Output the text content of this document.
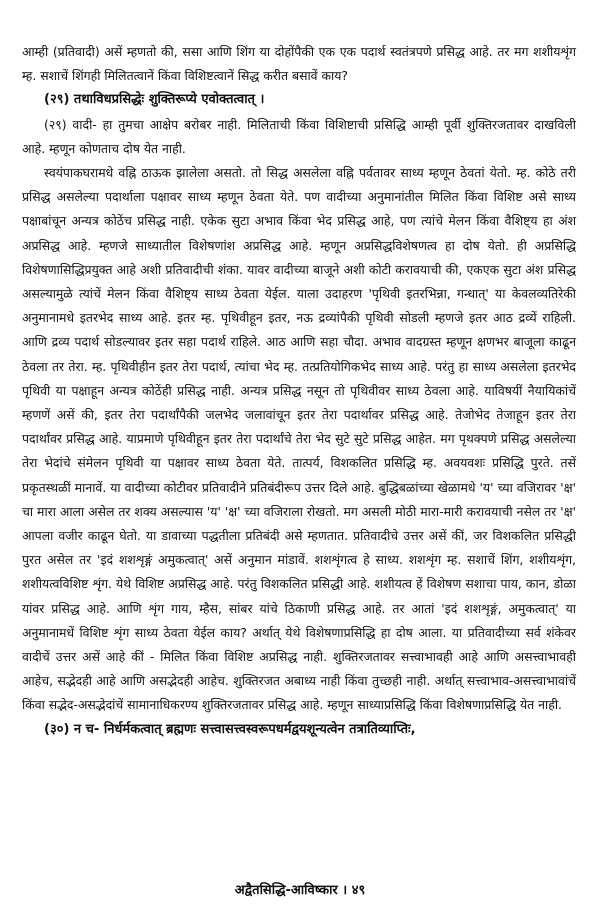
आम्ही (प्रतिवादी) असें म्हणतो की, ससा आणि शिंग या दोहोंपैकी एक एक पदार्थ स्वतंत्रपणे प्रसिद्ध आहे. तर मग शशीयशृंग म्ह. सशाचें शिंगही मिलितत्वानें किंवा विशिष्टत्वानें सिद्ध करीत बसावें काय?

(२९) तथाविधप्रसिद्धेः शुक्तिरूप्ये एवोक्तत्वात् ।

(२९) वादी- हा तुमचा आक्षेप बरोबर नाही. मिलिताची किंवा विशिष्टाची प्रसिद्धि आम्ही पूर्वी शुक्तिरजतावर दाखविली आहे. म्हणून कोणताच दोष येत नाही.

स्वयंपाकघरामधे वह्नि ठाऊक झालेला असतो. तो सिद्ध असलेला वह्नि पर्वतावर साध्य म्हणून ठेवतां येतो. म्ह. कोठे तरी प्रसिद्ध असलेल्या पदार्थाला पक्षावर साध्य म्हणून ठेवता येते. पण वादीच्या अनुमानांतील मिलित किंवा विशिष्ट असे साध्य पक्षाबांचून अन्यत्र कोठेंच प्रसिद्ध नाही. एकेक सुटा अभाव किंवा भेद प्रसिद्ध आहे, पण त्यांचे मेलन किंवा वैशिष्ट्य हा अंश अप्रसिद्ध आहे. म्हणजे साध्यातील विशेषणांश अप्रसिद्ध आहे. म्हणून अप्रसिद्धविशेषणत्व हा दोष येतो. ही अप्रसिद्धि विशेषणासिद्धिप्रयुक्त आहे अशी प्रतिवादीची शंका. यावर वादीच्या बाजूने अशी कोटी करावयाची की, एकएक सुटा अंश प्रसिद्ध असल्यामुळे त्यांचें मेलन किंवा वैशिष्ट्य साध्य ठेवता येईल. याला उदाहरण 'पृथिवी इतरभिन्ना, गन्धात्' या केवलव्यतिरेकी अनुमानामधे इतरभेद साध्य आहे. इतर म्ह. पृथिवीहून इतर, नऊ द्रव्यांपैकी पृथिवी सोडली म्हणजे इतर आठ द्रव्यें राहिली. आणि द्रव्य पदार्थ सोडल्यावर इतर सहा पदार्थ राहिले. आठ आणि सहा चौदा. अभाव वादग्रस्त म्हणून क्षणभर बाजूला काढून ठेवला तर तेरा. म्ह. पृथिवीहीन इतर तेरा पदार्थ, त्यांचा भेद म्ह. तत्प्रतियोगिकभेद साध्य आहे. परंतु हा साध्य असलेला इतरभेद पृथिवी या पक्षाहून अन्यत्र कोठेंही प्रसिद्ध नाही. अन्यत्र प्रसिद्ध नसून तो पृथिवीवर साध्य ठेवला आहे. याविषयीं नैयायिकांचें म्हणणें असें की, इतर तेरा पदार्थांपैकी जलभेद जलावांचून इतर तेरा पदार्थावर प्रसिद्ध आहे. तेजोभेद तेजाहून इतर तेरा पदार्थांवर प्रसिद्ध आहे. याप्रमाणे पृथिवीहून इतर तेरा पदार्थांचे तेरा भेद सुटे सुटे प्रसिद्ध आहेत. मग पृथक्पणे प्रसिद्ध असलेल्या तेरा भेदांचे संमेलन पृथिवी या पक्षावर साध्य ठेवता येते. तात्पर्य, विशकलित प्रसिद्धि म्ह. अवयवशः प्रसिद्धि पुरते. तसें प्रकृतस्थळीं मानावें. या वादीच्या कोटीवर प्रतिवादीने प्रतिबंदीरूप उत्तर दिले आहे. बुद्धिबळांच्या खेळामधे 'य' च्या वजिरावर 'क्ष' चा मारा आला असेल तर शक्य असल्यास 'य' 'क्ष' च्या वजिराला रोखतो. मग असली मोठी मारा-मारी करावयाची नसेल तर 'क्ष' आपला वजीर काढून घेतो. या डावाच्या पद्धतीला प्रतिबंदी असे म्हणतात. प्रतिवादीचे उत्तर असें कीं, जर विशकलित प्रसिद्धी पुरत असेल तर 'इदं शशशृङ्गं अमुकत्वात्' असें अनुमान मांडावें. शशशृंगत्व हे साध्य. शशशृंग म्ह. सशाचें शिंग, शशीयशृंग, शशीयत्वविशिष्ट शृंग. येथे विशिष्ट अप्रसिद्ध आहे. परंतु विशकलित प्रसिद्धी आहे. शशीयत्व हें विशेषण सशाचा पाय, कान, डोळा यांवर प्रसिद्ध आहे. आणि शृंग गाय, म्हैस, सांबर यांचे ठिकाणी प्रसिद्ध आहे. तर आतां 'इदं शशशृङ्गं, अमुकत्वात्' या अनुमानामधें विशिष्ट शृंग साध्य ठेवता येईल काय? अर्थात् येथे विशेषणाप्रसिद्धि हा दोष आला. या प्रतिवादीच्या सर्व शंकेवर वादीचें उत्तर असें आहे कीं - मिलित किंवा विशिष्ट अप्रसिद्ध नाही. शुक्तिरजतावर सत्त्वाभावही आहे आणि असत्त्वाभावही आहेच, सद्भेदही आहे आणि असद्भेदही आहेच. शुक्तिरजत अबाध्य नाही किंवा तुच्छही नाही. अर्थात् सत्त्वाभाव-असत्त्वाभावांचें किंवा सद्भेद-असद्भेदांचें सामानाधिकरण्य शुक्तिरजतावर प्रसिद्ध आहे. म्हणून साध्याप्रसिद्धि किंवा विशेषणाप्रसिद्धि येत नाही.

(३०) न च- निर्धर्मकत्वात् ब्रह्मणः सत्त्वासत्त्वस्वरूपधर्मद्वयशून्यत्वेन तत्रातिव्याप्तिः,

अद्वैतसिद्धि-आविष्कार । ४९
